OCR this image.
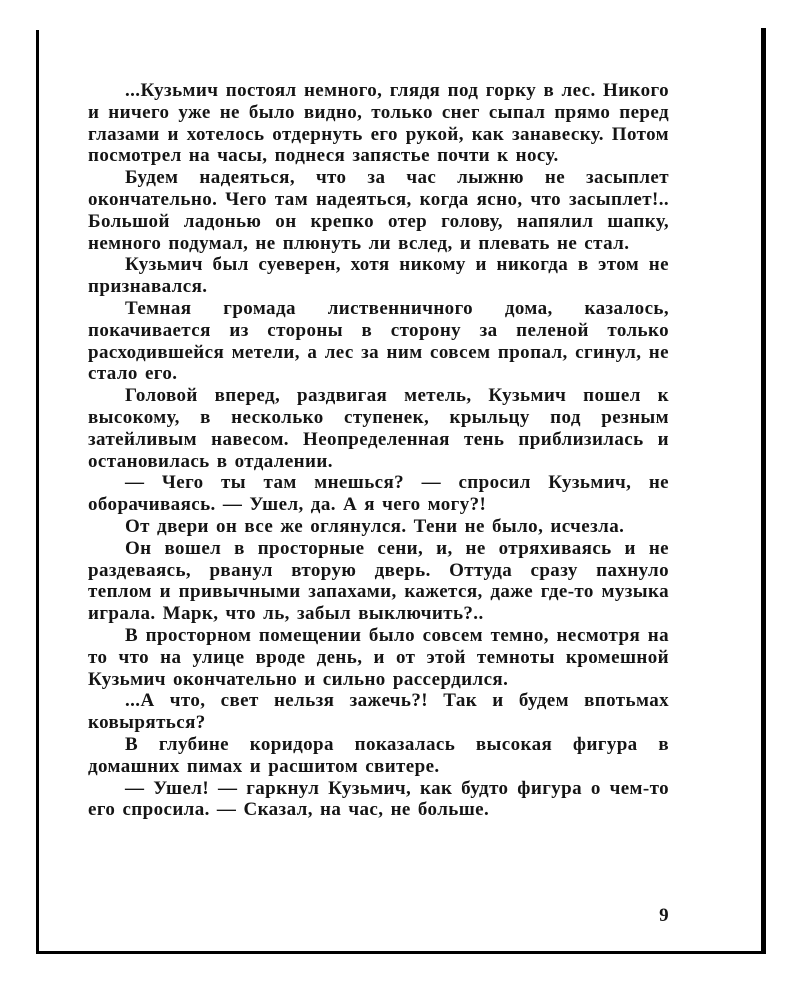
...Кузьмич постоял немного, глядя под горку в лес. Никого и ничего уже не было видно, только снег сыпал прямо перед глазами и хотелось отдернуть его рукой, как занавеску. Потом посмотрел на часы, поднеся запястье почти к носу.

Будем надеяться, что за час лыжню не засыплет окончательно. Чего там надеяться, когда ясно, что засыплет!.. Большой ладонью он крепко отер голову, напялил шапку, немного подумал, не плюнуть ли вслед, и плевать не стал.

Кузьмич был суеверен, хотя никому и никогда в этом не признавался.

Темная громада лиственничного дома, казалось, покачивается из стороны в сторону за пеленой только расходившейся метели, а лес за ним совсем пропал, сгинул, не стало его.

Головой вперед, раздвигая метель, Кузьмич пошел к высокому, в несколько ступенек, крыльцу под резным затейливым навесом. Неопределенная тень приблизилась и остановилась в отдалении.

— Чего ты там мнешься? — спросил Кузьмич, не оборачиваясь. — Ушел, да. А я чего могу?!

От двери он все же оглянулся. Тени не было, исчезла.

Он вошел в просторные сени, и, не отряхиваясь и не раздеваясь, рванул вторую дверь. Оттуда сразу пахнуло теплом и привычными запахами, кажется, даже где-то музыка играла. Марк, что ль, забыл выключить?..

В просторном помещении было совсем темно, несмотря на то что на улице вроде день, и от этой темноты кромешной Кузьмич окончательно и сильно рассердился.

...А что, свет нельзя зажечь?! Так и будем впотьмах ковыряться?

В глубине коридора показалась высокая фигура в домашних пимах и расшитом свитере.

— Ушел! — гаркнул Кузьмич, как будто фигура о чем-то его спросила. — Сказал, на час, не больше.

9
